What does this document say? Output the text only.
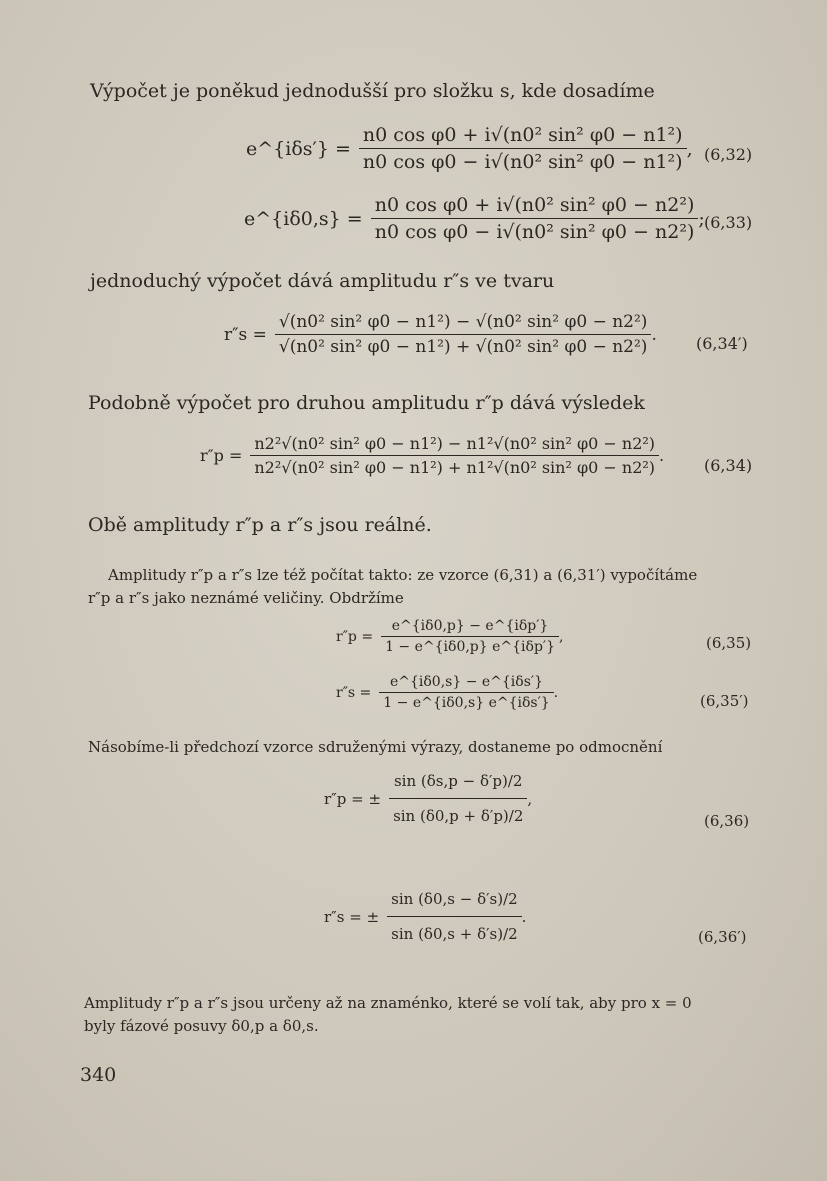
Výpočet je poněkud jednodušší pro složku s, kde dosadíme
e^{iδs′} = $\frac{\text{n0 cos φ0 + i√(n0² sin² φ0 − n1²)}}{\text{n0 cos φ0 − i√(n0² sin² φ0 − n1²)}}$ , (6,32)
e^{iδ0,s} = $\frac{\text{n0 cos φ0 + i√(n0² sin² φ0 − n2²)}}{\text{n0 cos φ0 − i√(n0² sin² φ0 − n2²)}}$ ; (6,33)
jednoduchý výpočet dává amplitudu r″s ve tvaru
$r''s = \frac{\text{√(n0² sin² φ0 − n1²) − √(n0² sin² φ0 − n2²)}}{\text{√(n0² sin² φ0 − n1²) + √(n0² sin² φ0 − n2²)}}$ . (6,34′)
Podobně výpočet pro druhou amplitudu r″p dává výsledek
$r''p = \frac{\text{n2²√(n0² sin² φ0 − n1²) − n1²√(n0² sin² φ0 − n2²)}}{\text{n2²√(n0² sin² φ0 − n1²) + n1²√(n0² sin² φ0 − n2²)}}$ .
(6,34)
Obě amplitudy r″p a r″s jsou reálné.
Amplitudy r″p a r″s lze též počítat takto: ze vzorce (6,31) a (6,31′) vypočítáme
r″p a r″s jako neznámé veličiny. Obdržíme
$r''p = \frac{\text{e\textasciicircum{}\{iδ0,p\} − e\textasciicircum{}\{iδp′\}}}{\text{1 − e\textasciicircum{}\{iδ0,p\} e\textasciicircum{}\{iδp′\}}}$ ,	(6,35)
$r''s = \frac{\text{e\textasciicircum{}\{iδ0,s\} − e\textasciicircum{}\{iδs′\}}}{\text{1 − e\textasciicircum{}\{iδ0,s\} e\textasciicircum{}\{iδs′\}}}$ .	(6,35′)
Násobíme-li předchozí vzorce sdruženými výrazy, dostaneme po odmocnění
r″p = ± $\frac{\sin (\delta s,p - \delta'p)/2}{\sin (\delta 0,p + \delta'p)/2}$ ,
(6,36)
r″s = ± $\frac{\sin (\delta 0,s - \delta's)/2}{\sin (\delta 0,s + \delta's)/2}$ .
(6,36′)
Amplitudy r″p a r″s jsou určeny až na znaménko, které se volí tak, aby pro x = 0
byly fázové posuvy δ0,p a δ0,s.
340
